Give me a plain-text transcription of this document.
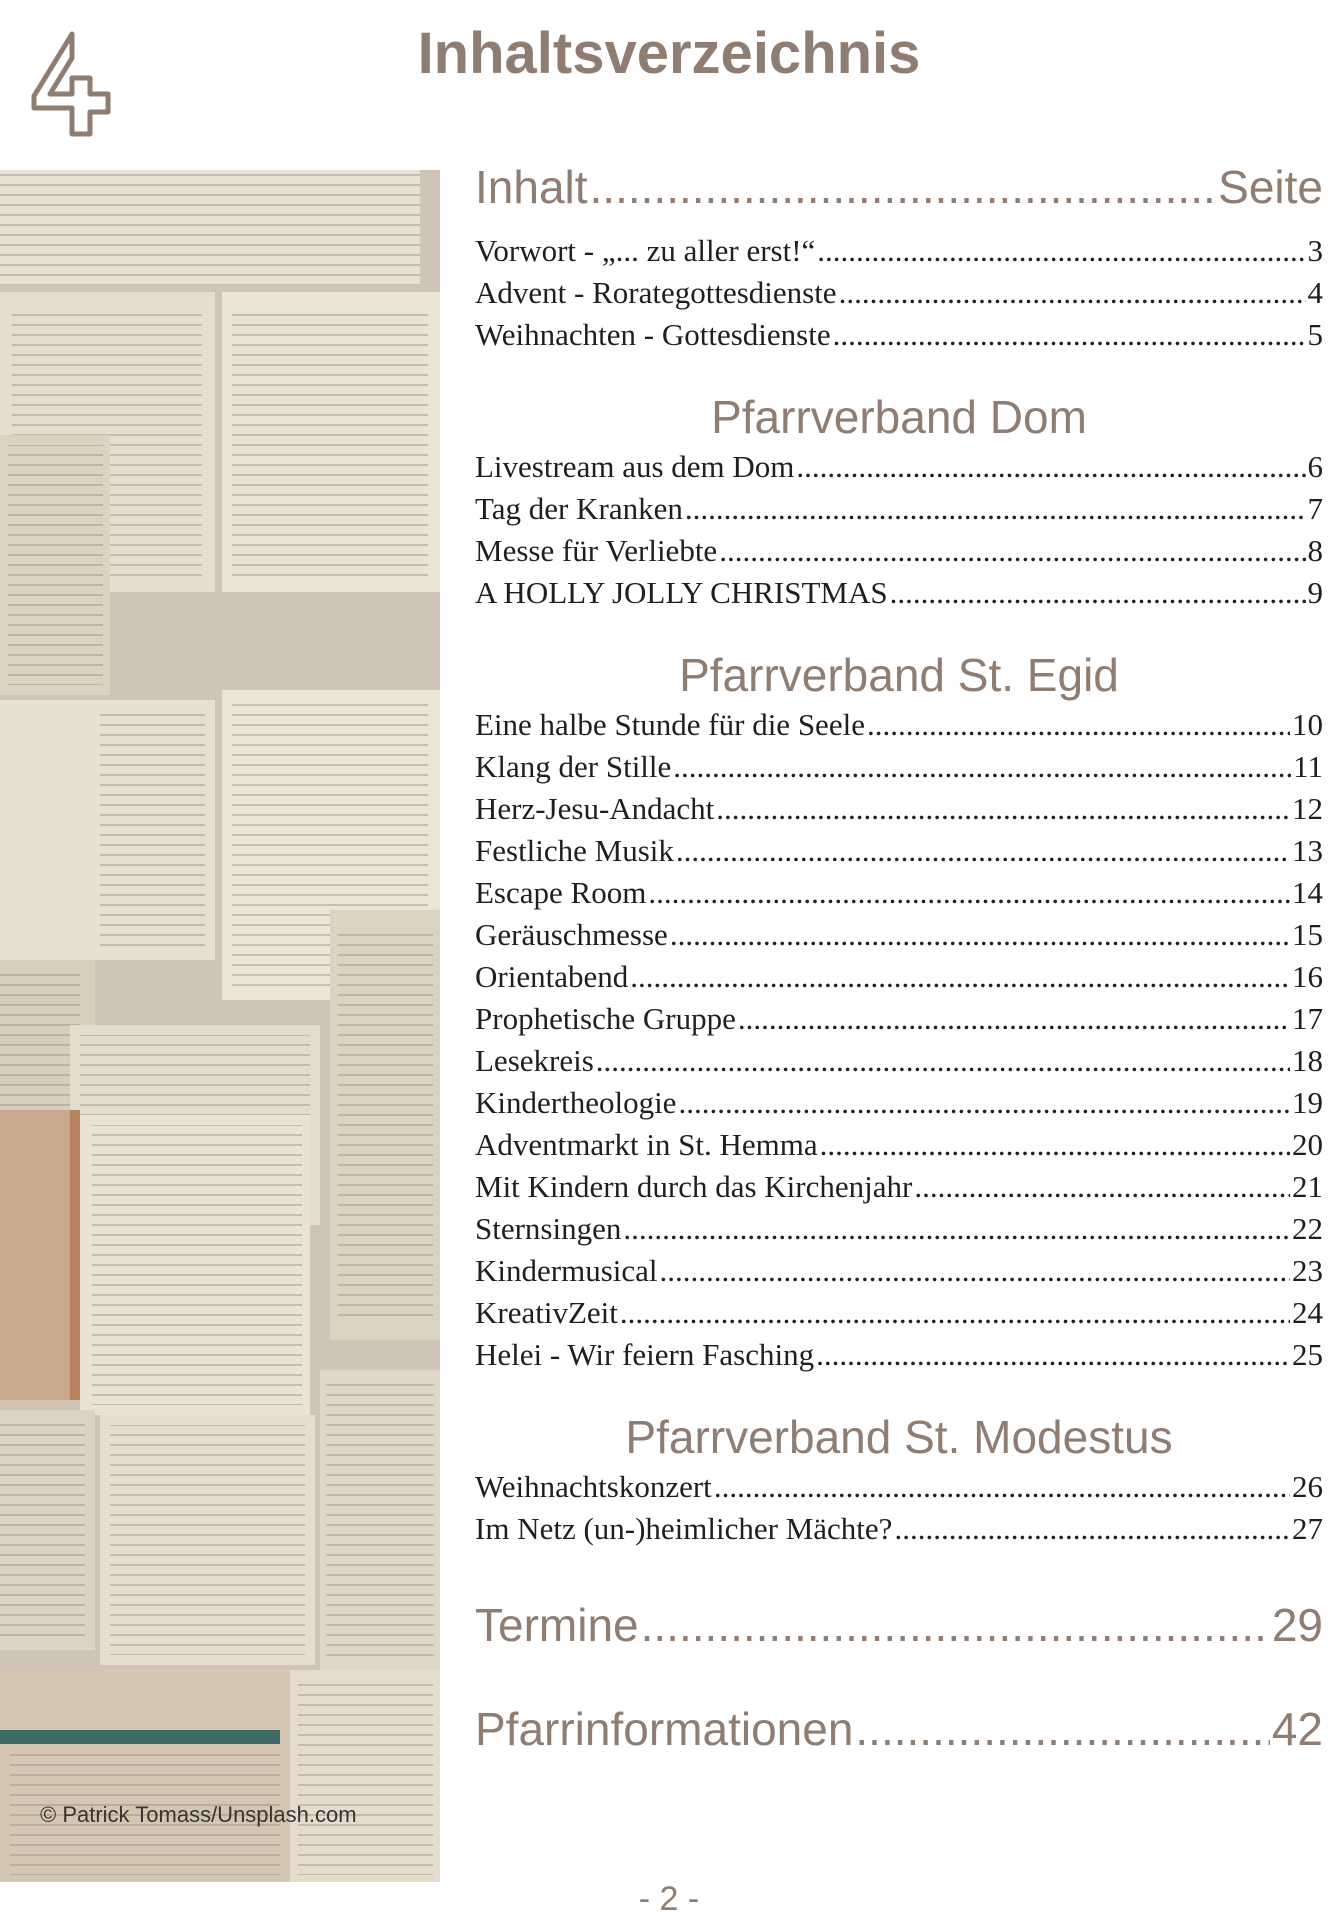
Inhaltsverzeichnis
© Patrick Tomass/Unsplash.com
Inhalt .....	Seite
Vorwort - „... zu aller erst!“ .....	3
Advent - Rorategottesdienste .....	4
Weihnachten - Gottesdienste .....	5
Pfarrverband Dom
Livestream aus dem Dom .....	6
Tag der Kranken .....	7
Messe für Verliebte .....	8
A HOLLY JOLLY CHRISTMAS .....	9
Pfarrverband St. Egid
Eine halbe Stunde für die Seele .....	10
Klang der Stille .....	11
Herz-Jesu-Andacht .....	12
Festliche Musik .....	13
Escape Room .....	14
Geräuschmesse .....	15
Orientabend .....	16
Prophetische Gruppe .....	17
Lesekreis .....	18
Kindertheologie .....	19
Adventmarkt in St. Hemma .....	20
Mit Kindern durch das Kirchenjahr .....	21
Sternsingen .....	22
Kindermusical .....	23
KreativZeit .....	24
Helei - Wir feiern Fasching .....	25
Pfarrverband St. Modestus
Weihnachtskonzert .....	26
Im Netz (un-)heimlicher Mächte? .....	27
Termine .....	29
Pfarrinformationen .....	42
- 2 -
